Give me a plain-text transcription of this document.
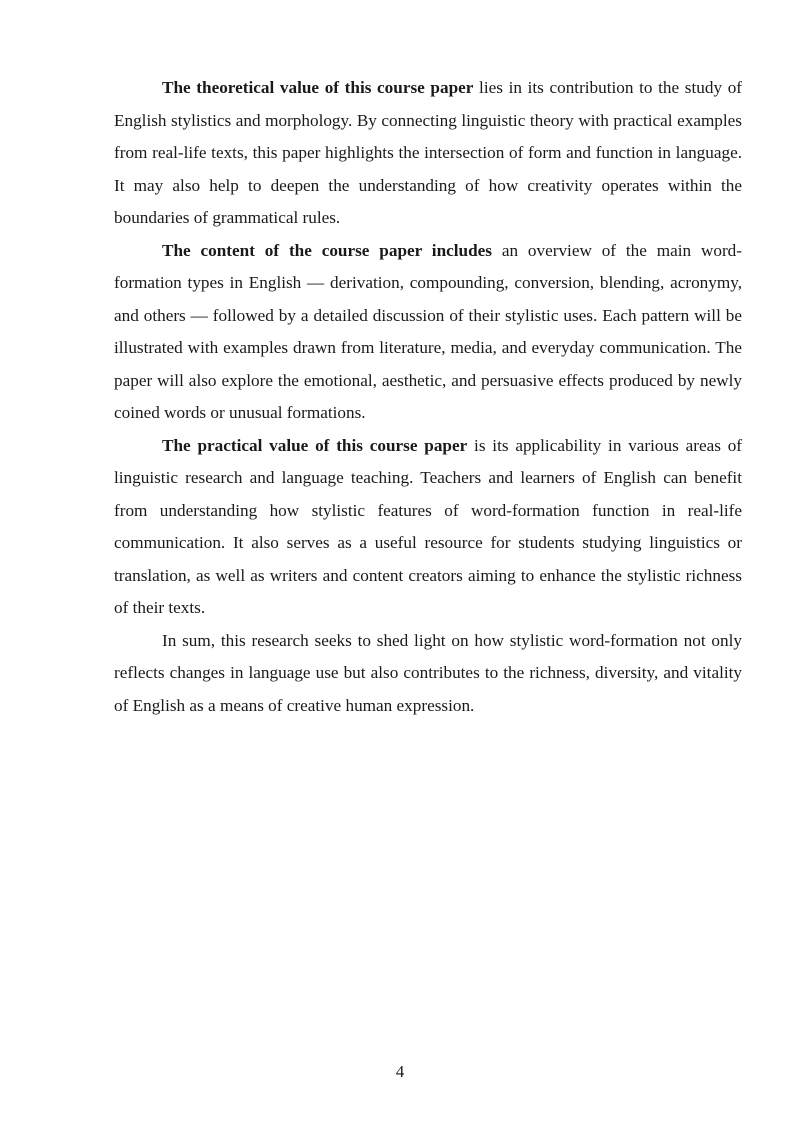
The theoretical value of this course paper lies in its contribution to the study of English stylistics and morphology. By connecting linguistic theory with practical examples from real-life texts, this paper highlights the intersection of form and function in language. It may also help to deepen the understanding of how creativity operates within the boundaries of grammatical rules.

The content of the course paper includes an overview of the main word-formation types in English — derivation, compounding, conversion, blending, acronymy, and others — followed by a detailed discussion of their stylistic uses. Each pattern will be illustrated with examples drawn from literature, media, and everyday communication. The paper will also explore the emotional, aesthetic, and persuasive effects produced by newly coined words or unusual formations.

The practical value of this course paper is its applicability in various areas of linguistic research and language teaching. Teachers and learners of English can benefit from understanding how stylistic features of word-formation function in real-life communication. It also serves as a useful resource for students studying linguistics or translation, as well as writers and content creators aiming to enhance the stylistic richness of their texts.

In sum, this research seeks to shed light on how stylistic word-formation not only reflects changes in language use but also contributes to the richness, diversity, and vitality of English as a means of creative human expression.

4
